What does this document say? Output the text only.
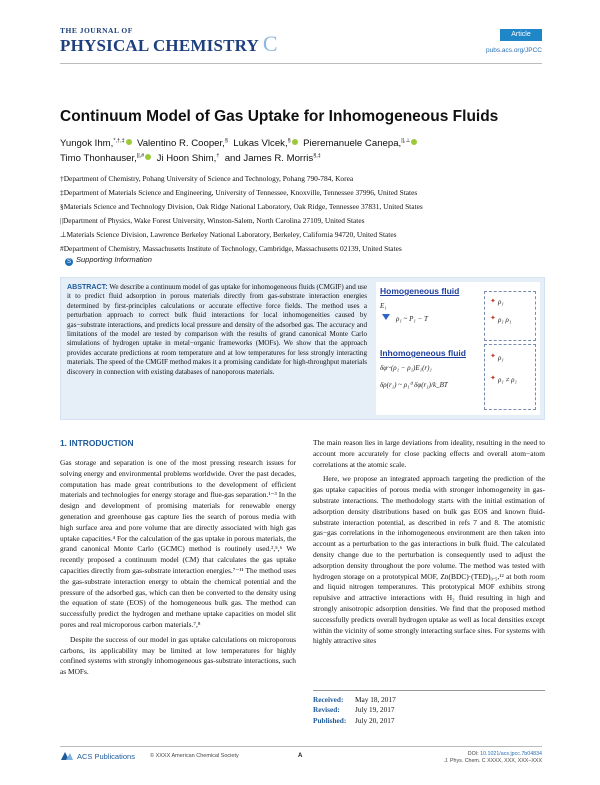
THE JOURNAL OF
PHYSICAL CHEMISTRY C	Article
pubs.acs.org/JPCC
Continuum Model of Gas Uptake for Inhomogeneous Fluids
Yungok Ihm,*,†,‡ Valentino R. Cooper,§ Lukas Vlcek,§ Pieremanuele Canepa,||,⊥
Timo Thonhauser,||,# Ji Hoon Shim,† and James R. Morris§,‡
†Department of Chemistry, Pohang University of Science and Technology, Pohang 790-784, Korea
‡Department of Materials Science and Engineering, University of Tennessee, Knoxville, Tennessee 37996, United States
§Materials Science and Technology Division, Oak Ridge National Laboratory, Oak Ridge, Tennessee 37831, United States
||Department of Physics, Wake Forest University, Winston-Salem, North Carolina 27109, United States
⊥Materials Science Division, Lawrence Berkeley National Laboratory, Berkeley, California 94720, United States
#Department of Chemistry, Massachusetts Institute of Technology, Cambridge, Massachusetts 02139, United States
S Supporting Information
ABSTRACT: We describe a continuum model of gas uptake for inhomogeneous fluids (CMGIF) and use it to predict fluid adsorption in porous materials directly from gas-substrate interaction energies determined by first-principles calculations or accurate effective force fields. The method uses a perturbation approach to correct bulk fluid interactions for local inhomogeneities caused by gas−substrate interactions, and predicts local pressure and density of the adsorbed gas. The accuracy and limitations of the model are tested by comparison with the results of grand canonical Monte Carlo simulations of hydrogen uptake in metal−organic frameworks (MOFs). We show that the approach provides accurate predictions at room temperature and at low temperatures for less strongly interacting materials. The speed of the CMGIF method makes it a promising candidate for high-throughput materials discovery in connection with existing databases of nanoporous materials.
Homogeneous fluid
E₁
ρ₁ ~ P₁ − T
✦ ρ₁
✦ ρ₁ ρ₁
Inhomogeneous fluid
δφ~(ρ₁ − ρ₁)E₁(r)₁
δρ(r₁) ~ ρ₁⁰ δφ(r₁)/k_BT
✦ ρ₁
✦ ρ₁ ≠ ρ₁
1. INTRODUCTION

Gas storage and separation is one of the most pressing research issues for solving energy and environmental problems worldwide. Over the past decades, computation has made great contributions to the development of efficient materials and technologies for energy storage and flue-gas separation.¹⁻³ In the design and development of promising materials for renewable energy generation and greenhouse gas capture lies the search of porous media with high surface area and pore volume that are directly associated with high gas uptake capacities.⁴ For the calculation of the gas uptake in porous materials, the grand canonical Monte Carlo (GCMC) method is routinely used.²,⁵,⁶ We recently proposed a continuum model (CM) that calculates the gas uptake capacities directly from gas-substrate interaction energies.⁷⁻¹¹ The method uses the gas-substrate interaction energy to obtain the chemical potential and the pressure of the adsorbed gas, which can then be converted to the density using the equation of state (EOS) of the homogeneous bulk gas. The method can successfully predict the hydrogen and methane uptake capacities on model slit pores and real microporous carbon materials.⁷,⁸

Despite the success of our model in gas uptake calculations on microporous carbons, its applicability may be limited at low temperatures for highly confined systems with strongly inhomogeneous gas-substrate interactions, such as MOFs.

The main reason lies in large deviations from ideality, resulting in the need to account more accurately for close packing effects and overall atom−atom correlations at the atomic scale.

Here, we propose an integrated approach targeting the prediction of the gas uptake capacities of porous media with stronger inhomogeneity in gas-substrate interactions. The methodology starts with the initial estimation of adsorption density distributions based on bulk gas EOS and known fluid-substrate interaction potential, as described in refs 7 and 8. The atomistic gas−gas correlations in the inhomogeneous environment are then taken into account as a perturbation to the gas interactions in bulk fluid. The calculated density change due to the perturbation is consequently used to adjust the adsorption density throughout the pore volume. The method was tested with hydrogen storage on a prototypical MOF, Zn(BDC)·(TED)₀.₅,¹² at both room and liquid nitrogen temperatures. This prototypical MOF exhibits strong repulsive and attractive interactions with H₂ fluid resulting in high and strongly anisotropic adsorption densities. We find that the proposed method successfully predicts overall hydrogen uptake as well as local densities except within the vicinity of some strongly interacting surface sites. For systems with highly attractive sites

Received: May 18, 2017
Revised: July 19, 2017
Published: July 20, 2017
ACS Publications	© XXXX American Chemical Society	A	DOI: 10.1021/acs.jpcc.7b04834
J. Phys. Chem. C XXXX, XXX, XXX−XXX
